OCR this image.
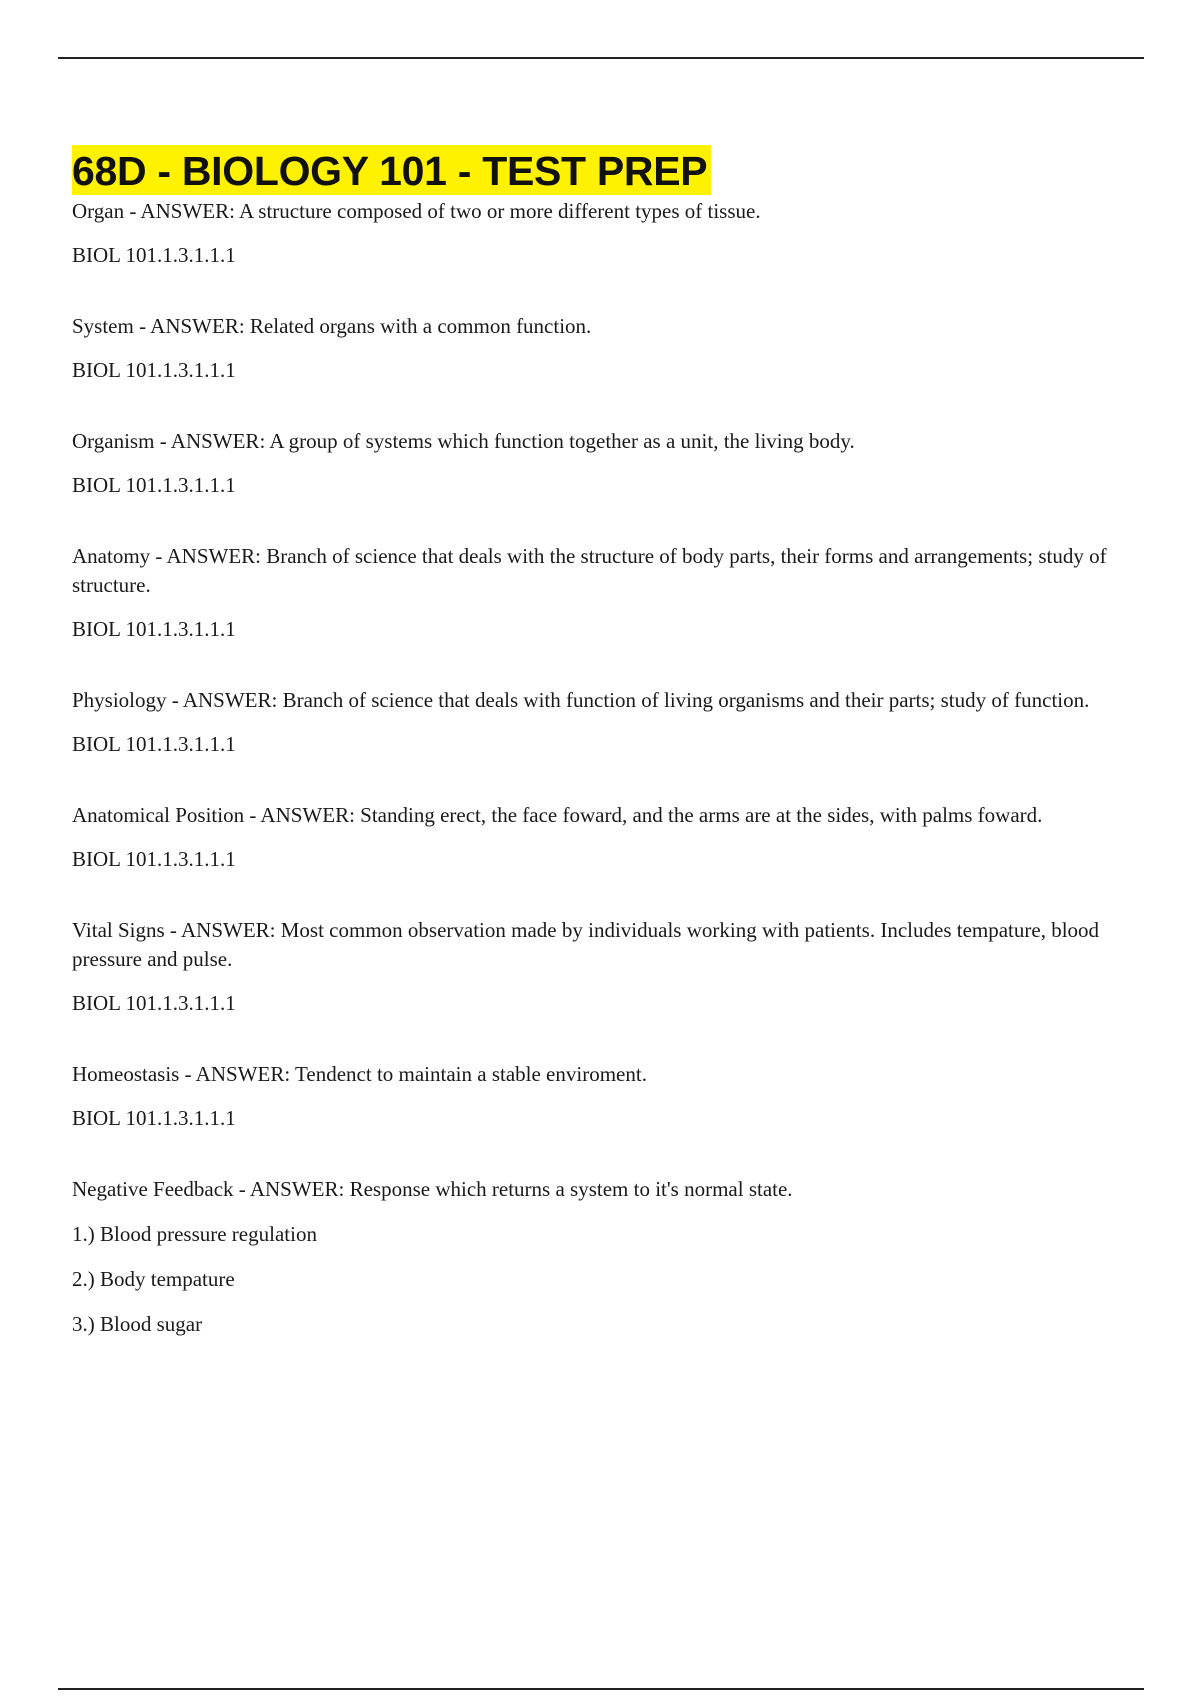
68D - BIOLOGY 101 - TEST PREP

Organ - ANSWER: A structure composed of two or more different types of tissue.

BIOL 101.1.3.1.1.1

System - ANSWER: Related organs with a common function.

BIOL 101.1.3.1.1.1

Organism - ANSWER: A group of systems which function together as a unit, the living body.

BIOL 101.1.3.1.1.1

Anatomy - ANSWER: Branch of science that deals with the structure of body parts, their forms and arrangements; study of structure.

BIOL 101.1.3.1.1.1

Physiology - ANSWER: Branch of science that deals with function of living organisms and their parts; study of function.

BIOL 101.1.3.1.1.1

Anatomical Position - ANSWER: Standing erect, the face foward, and the arms are at the sides, with palms foward.

BIOL 101.1.3.1.1.1

Vital Signs - ANSWER: Most common observation made by individuals working with patients. Includes tempature, blood pressure and pulse.

BIOL 101.1.3.1.1.1

Homeostasis - ANSWER: Tendenct to maintain a stable enviroment.

BIOL 101.1.3.1.1.1

Negative Feedback - ANSWER: Response which returns a system to it's normal state.

1.) Blood pressure regulation

2.) Body tempature

3.) Blood sugar
